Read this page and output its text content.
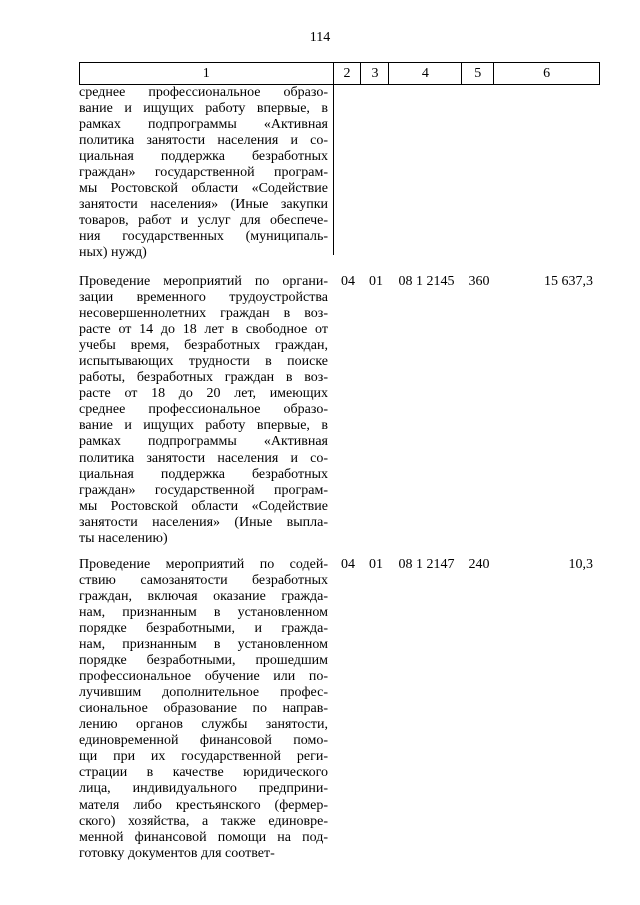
114
1	2	3	4	5	6
среднее профессиональное образо-
вание и ищущих работу впервые, в
рамках подпрограммы «Активная
политика занятости населения и со-
циальная поддержка безработных
граждан» государственной програм-
мы Ростовской области «Содействие
занятости населения» (Иные закупки
товаров, работ и услуг для обеспече-
ния государственных (муниципаль-
ных) нужд)
Проведение мероприятий по органи-
зации временного трудоустройства
несовершеннолетних граждан в воз-
расте от 14 до 18 лет в свободное от
учебы время, безработных граждан,
испытывающих трудности в поиске
работы, безработных граждан в воз-
расте от 18 до 20 лет, имеющих
среднее профессиональное образо-
вание и ищущих работу впервые, в
рамках подпрограммы «Активная
политика занятости населения и со-
циальная поддержка безработных
граждан» государственной програм-
мы Ростовской области «Содействие
занятости населения» (Иные выпла-
ты населению)
04	01	08 1 2145	360	15 637,3
Проведение мероприятий по содей-
ствию самозанятости безработных
граждан, включая оказание гражда-
нам, признанным в установленном
порядке безработными, и гражда-
нам, признанным в установленном
порядке безработными, прошедшим
профессиональное обучение или по-
лучившим дополнительное профес-
сиональное образование по направ-
лению органов службы занятости,
единовременной финансовой помо-
щи при их государственной реги-
страции в качестве юридического
лица, индивидуального предприни-
мателя либо крестьянского (фермер-
ского) хозяйства, а также единовре-
менной финансовой помощи на под-
готовку документов для соответ-
04	01	08 1 2147	240	10,3
